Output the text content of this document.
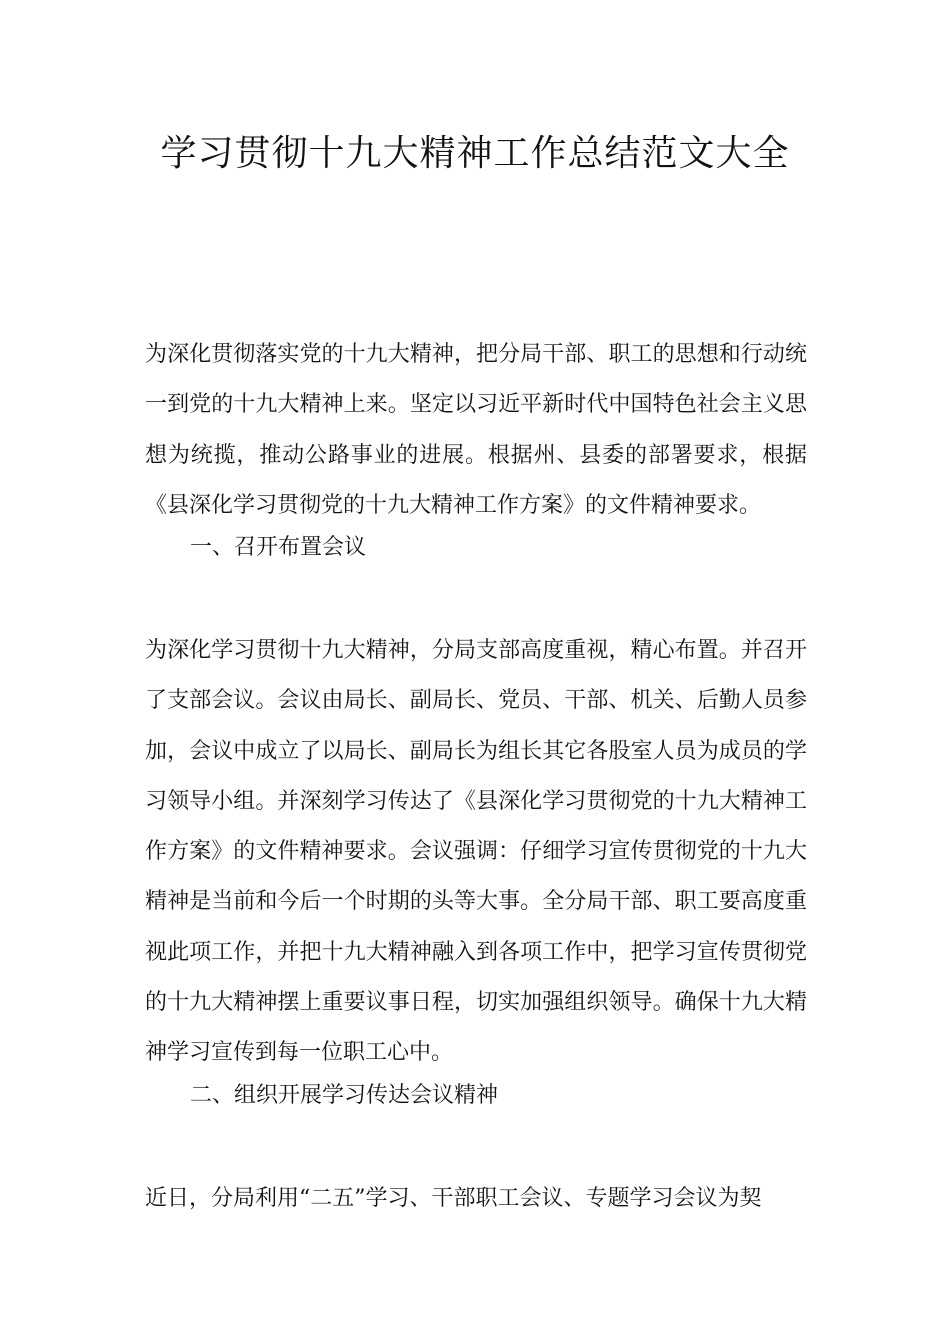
学习贯彻十九大精神工作总结范文大全

为深化贯彻落实党的十九大精神，把分局干部、职工的思想和行动统一到党的十九大精神上来。坚定以习近平新时代中国特色社会主义思想为统揽，推动公路事业的进展。根据州、县委的部署要求，根据《县深化学习贯彻党的十九大精神工作方案》的文件精神要求。

一、召开布置会议

为深化学习贯彻十九大精神，分局支部高度重视，精心布置。并召开了支部会议。会议由局长、副局长、党员、干部、机关、后勤人员参加，会议中成立了以局长、副局长为组长其它各股室人员为成员的学习领导小组。并深刻学习传达了《县深化学习贯彻党的十九大精神工作方案》的文件精神要求。会议强调：仔细学习宣传贯彻党的十九大精神是当前和今后一个时期的头等大事。全分局干部、职工要高度重视此项工作，并把十九大精神融入到各项工作中，把学习宣传贯彻党的十九大精神摆上重要议事日程，切实加强组织领导。确保十九大精神学习宣传到每一位职工心中。

二、组织开展学习传达会议精神

近日，分局利用“二五”学习、干部职工会议、专题学习会议为契
